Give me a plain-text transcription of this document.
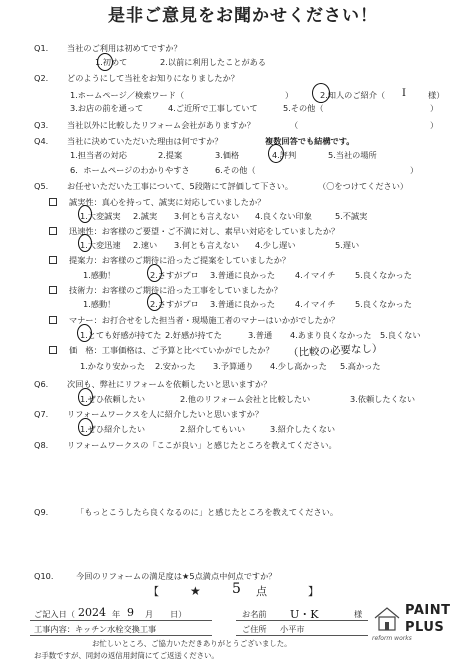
是非ご意見をお聞かせください！
Q1. 当社のご利用は初めてですか？
1.初めて	2.以前に利用したことがある
Q2. どのようにして当社をお知りになりましたか？
1.ホームページ／検索ワード（	）	2.知人のご紹介（ I	様）
3.お店の前を通って	4.ご近所で工事していて	5.その他（	）
Q3. 当社以外に比較したリフォーム会社がありますか？	（	）
Q4. 当社に決めていただいた理由は何ですか？	複数回答でも結構です。
1.担当者の対応	2.提案	3.価格	4.評判	5.当社の場所
6．ホームページのわかりやすさ	6.その他（	）
Q5. お任せいただいた工事について、5段階にて評価して下さい。	（〇をつけてください）
誠実性：真心を持って、誠実に対応していましたか？
1.大変誠実 2.誠実 3.何とも言えない 4.良くない印象	5.不誠実
迅速性：お客様のご要望・ご不満に対し、素早い対応をしていましたか？
1.大変迅速 2.速い 3.何とも言えない 4.少し遅い	5.遅い
提案力：お客様のご期待に沿ったご提案をしていましたか？
1.感動！	2.さすがプロ 3.普通に良かった 4.イマイチ 5.良くなかった
技術力：お客様のご期待に沿った工事をしていましたか？
1.感動！	2.さすがプロ 3.普通に良かった 4.イマイチ 5.良くなかった
マナー：お打合せをした担当者・現場施工者のマナーはいかがでしたか？
1.とても好感が持てた 2.好感が持てた	3.普通 4.あまり良くなかった 5.良くない
価　格：工事価格は、ご予算と比べていかがでしたか？ （比較の必要なし）
1.かなり安かった 2.安かった 3.予算通り 4.少し高かった 5.高かった
Q6. 次回も、弊社にリフォームを依頼したいと思いますか？
1.ぜひ依頼したい	2.他のリフォーム会社と比較したい	3.依頼したくない
Q7. リフォームワークスを人に紹介したいと思いますか？
1.ぜひ紹介したい	2.紹介してもいい	3.紹介したくない
Q8. リフォームワークスの「ここが良い」と感じたところを教えてください。
Q9.	「もっとこうしたら良くなるのに」と感じたところを教えてください。
Q10.	今回のリフォームの満足度は★5点満点中何点ですか？
【	★ 5 点	】
ご記入日（ 2024 年 9 月 日）	お名前 U・K	様
工事内容：キッチン水栓交換工事	ご住所 小平市
お忙しいところ、ご協力いただきありがとうございました。
お手数ですが、同封の返信用封筒にてご返送ください。
reform works
PAINT
PLUS
